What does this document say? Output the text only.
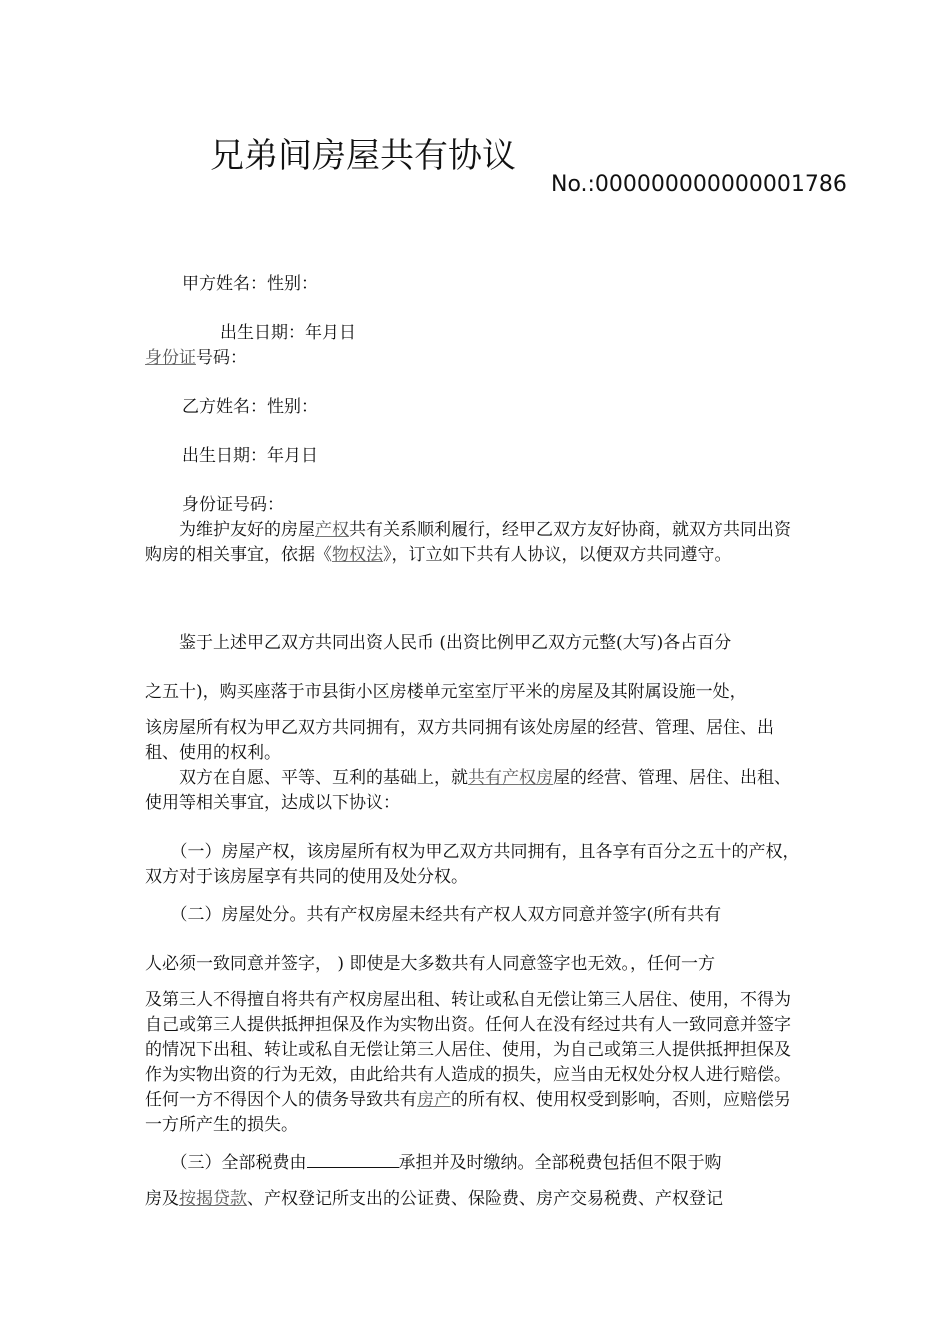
兄弟间房屋共有协议
No.:000000000000001786
甲方姓名：性别：
出生日期：年月日
身份证号码：
乙方姓名：性别：
出生日期：年月日
身份证号码：
　　为维护友好的房屋产权共有关系顺利履行，经甲乙双方友好协商，就双方共同出资购房的相关事宜，依据《物权法》，订立如下共有人协议，以便双方共同遵守。
　　鉴于上述甲乙双方共同出资人民币 (出资比例甲乙双方元整(大写)各占百分
之五十)，购买座落于市县街小区房楼单元室室厅平米的房屋及其附属设施一处，
该房屋所有权为甲乙双方共同拥有，双方共同拥有该处房屋的经营、管理、居住、出租、使用的权利。
　　双方在自愿、平等、互利的基础上，就共有产权房屋的经营、管理、居住、出租、使用等相关事宜，达成以下协议：
　　（一）房屋产权，该房屋所有权为甲乙双方共同拥有，且各享有百分之五十的产权，双方对于该房屋享有共同的使用及处分权。
　　（二）房屋处分。共有产权房屋未经共有产权人双方同意并签字(所有共有
人必须一致同意并签字， ) 即使是大多数共有人同意签字也无效。，任何一方
及第三人不得擅自将共有产权房屋出租、转让或私自无偿让第三人居住、使用，不得为自己或第三人提供抵押担保及作为实物出资。任何人在没有经过共有人一致同意并签字的情况下出租、转让或私自无偿让第三人居住、使用，为自己或第三人提供抵押担保及作为实物出资的行为无效，由此给共有人造成的损失，应当由无权处分权人进行赔偿。任何一方不得因个人的债务导致共有房产的所有权、使用权受到影响，否则，应赔偿另一方所产生的损失。
　　（三）全部税费由	承担并及时缴纳。全部税费包括但不限于购
房及按揭贷款、产权登记所支出的公证费、保险费、房产交易税费、产权登记
